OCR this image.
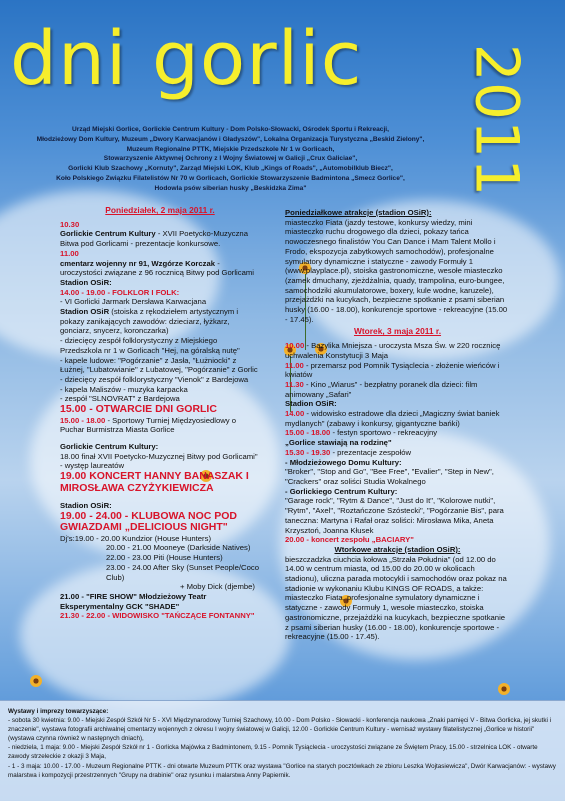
dni gorlic 2011
Urząd Miejski Gorlice, Gorlickie Centrum Kultury - Dom Polsko-Słowacki, Ośrodek Sportu i Rekreacji,
Młodzieżowy Dom Kultury, Muzeum „Dwory Karwacjanów i Gładyszów", Lokalna Organizacja Turystyczna „Beskid Zielony",
Muzeum Regionalne PTTK, Miejskie Przedszkole Nr 1 w Gorlicach,
Stowarzyszenie Aktywnej Ochrony z I Wojny Światowej w Galicji „Crux Galiciae",
Gorlicki Klub Szachowy „Kornuty", Zarząd Miejski LOK, Klub „Kings of Roads", „Automobilklub Biecz",
Koło Polskiego Związku Filatelistów Nr 70 w Gorlicach, Gorlickie Stowarzyszenie Badmintona „Smecz Gorlice",
Hodowla psów siberian husky „Beskidzka Zima"
Poniedziałek, 2 maja 2011 r.

10.30

Gorlickie Centrum Kultury - XVII Poetycko-Muzyczna Bitwa pod Gorlicami - prezentacje konkursowe.

11.00

cmentarz wojenny nr 91, Wzgórze Korczak - uroczystości związane z 96 rocznicą Bitwy pod Gorlicami

Stadion OSiR:

14.00 - 19.00 - FOLKLOR I FOLK:

- VI Gorlicki Jarmark Dersława Karwacjana

Stadion OSiR (stoiska z rękodziełem artystycznym i pokazy zanikających zawodów: dzieciarz, łyżkarz, gonciarz, snycerz, koronczarka)

- dziecięcy zespół folklorystyczny z Miejskiego Przedszkola nr 1 w Gorlicach "Hej, na góralską nutę"

- kapele ludowe: "Pogórzanie" z Jasła, "Łużniocki" z Łużnej, "Lubatowianie" z Lubatowej, "Pogórzanie" z Gorlic

- dziecięcy zespół folklorystyczny "Vienok" z Bardejowa

- kapela Maliszów - muzyka karpacka

- zespół "SLNOVRAT" z Bardejowa

15.00 - OTWARCIE DNI GORLIC

15.00 - 18.00 - Sportowy Turniej Międzyosiedlowy o Puchar Burmistrza Miasta Gorlice

Gorlickie Centrum Kultury:

18.00 finał XVII Poetycko-Muzycznej Bitwy pod Gorlicami" - występ laureatów

19.00 KONCERT HANNY BANASZAK I MIROSŁAWA CZYŻYKIEWICZA

Stadion OSiR:

19.00 - 24.00 - KLUBOWA NOC POD GWIAZDAMI „DELICIOUS NIGHT"

Dj's:19.00 - 20.00 Kundzior (House Hunters)

20.00 - 21.00 Mooneye (Darkside Natives)

22.00 - 23.00 Piti (House Hunters)

23.00 - 24.00 After Sky (Sunset People/Coco Club)

+ Moby Dick (djembe)

21.00 - "FIRE SHOW" Młodzieżowy Teatr Eksperymentalny GCK "SHADE"

21.30 - 22.00 - WIDOWISKO "TAŃCZĄCE FONTANNY"

Poniedziałkowe atrakcje (stadion OSiR):

miasteczko Fiata (jazdy testowe, konkursy wiedzy, mini miasteczko ruchu drogowego dla dzieci, pokazy tańca nowoczesnego finalistów You Can Dance i Mam Talent Mollo i Frodo, ekspozycja zabytkowych samochodów), profesjonalne symulatory dynamiczne i statyczne - zawody Formuły 1 (www.playplace.pl), stoiska gastronomiczne, wesołe miasteczko (zamek dmuchany, zjeżdżalnia, quady, trampolina, euro-bungee, samochodziki akumulatorowe, boxery, kule wodne, karuzele), przejażdżki na kucykach, bezpieczne spotkanie z psami siberian husky (16.00 - 18.00), konkurencje sportowe - rekreacyjne (15.00 - 17.45).

Wtorek, 3 maja 2011 r.

10.00 - Bazylika Mniejsza - uroczysta Msza Św. w 220 rocznicę uchwalenia Konstytucji 3 Maja

11.00 - przemarsz pod Pomnik Tysiąclecia - złożenie wieńców i kwiatów

11.30 - Kino „Wiarus" - bezpłatny poranek dla dzieci: film animowany „Safari"

Stadion OSiR:

14.00 - widowisko estradowe dla dzieci „Magiczny świat baniek mydlanych" (zabawy i konkursy, gigantyczne bańki)

15.00 - 18.00 - festyn sportowo - rekreacyjny

„Gorlice stawiają na rodzinę"

15.30 - 19.30 - prezentacje zespołów

- Młodzieżowego Domu Kultury:

"Broker", "Stop and Go", "Bee Free", "Evalier", "Step in New", "Crackers" oraz soliści Studia Wokalnego

- Gorlickiego Centrum Kultury:

"Garage rock", "Rytm & Dance", "Just do It", "Kolorowe nutki", "Rytm", "Axel", "Roztańczone Szóstecki", "Pogórzanie Bis", para taneczna: Martyna i Rafał oraz soliści: Mirosława Mika, Aneta Krzysztoń, Joanna Kłusek

20.00 - koncert zespołu „BACIARY"

Wtorkowe atrakcje (stadion OSiR):

bieszczadzka ciuchcia kołowa „Strzała Południa" (od 12.00 do 14.00 w centrum miasta, od 15.00 do 20.00 w okolicach stadionu), uliczna parada motocykli i samochodów oraz pokaz na stadionie w wykonaniu Klubu KINGS OF ROADS, a także: miasteczko Fiata, profesjonalne symulatory dynamiczne i statyczne - zawody Formuły 1, wesołe miasteczko, stoiska gastronomiczne, przejażdżki na kucykach, bezpieczne spotkanie z psami siberian husky (16.00 - 18.00), konkurencje sportowe - rekreacyjne (15.00 - 17.45).

Wystawy i imprezy towarzyszące:

- sobota 30 kwietnia: 9.00 - Miejski Zespół Szkół Nr 5 - XVI Międzynarodowy Turniej Szachowy, 10.00 - Dom Polsko - Słowacki - konferencja naukowa „Znaki pamięci V - Bitwa Gorlicka, jej skutki i znaczenie", wystawa fotografii archiwalnej cmentarzy wojennych z okresu I wojny światowej w Galicji, 12.00 - Gorlickie Centrum Kultury - wernisaż wystawy filatelistycznej „Gorlice w historii" (wystawa czynna również w następnych dniach),

- niedziela, 1 maja: 9.00 - Miejski Zespół Szkół nr 1 - Gorlicka Majówka z Badmintonem, 9.15 - Pomnik Tysiąclecia - uroczystości związane ze Świętem Pracy, 15.00 - strzelnica LOK - otwarte zawody strzeleckie z okazji 3 Maja,

- 1 - 3 maja: 10.00 - 17.00 - Muzeum Regionalne PTTK - dni otwarte Muzeum PTTK oraz wystawa "Gorlice na starych pocztówkach ze zbioru Leszka Wojtasiewicza", Dwór Karwacjanów: - wystawy malarstwa i kompozycji przestrzennych "Grupy na drabinie" oraz rysunku i malarstwa Anny Papiernik.
